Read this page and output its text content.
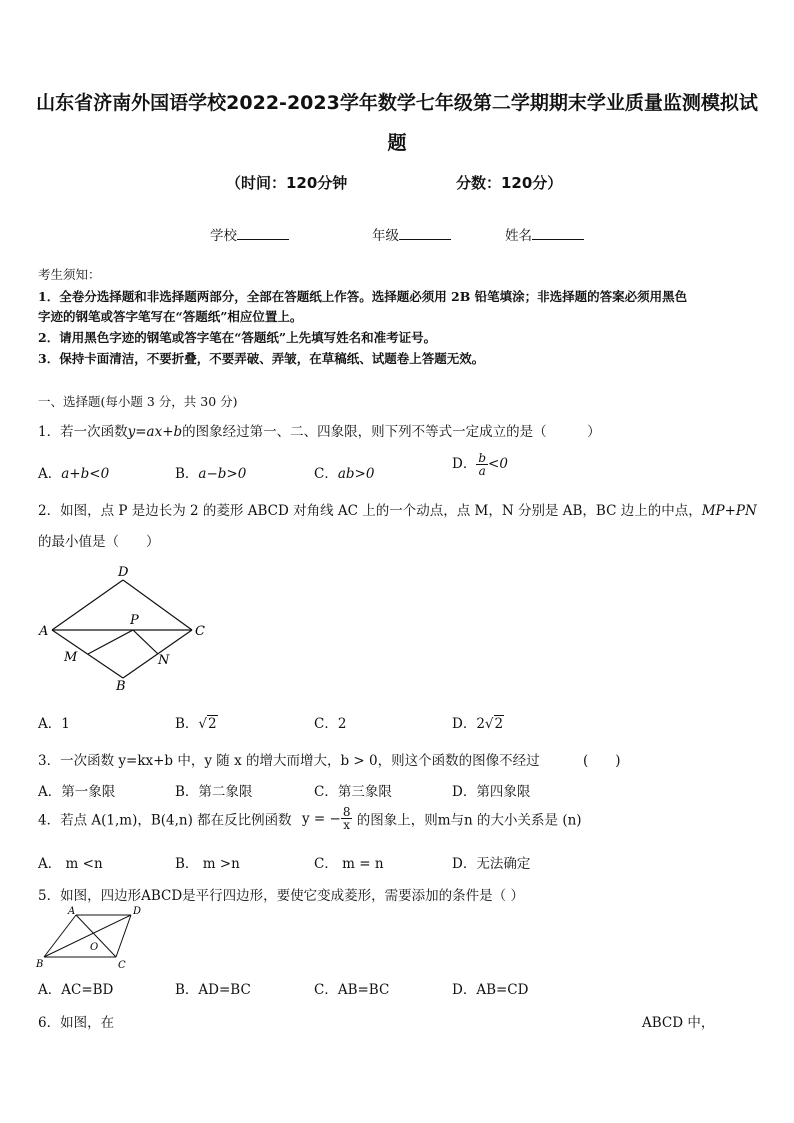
山东省济南外国语学校2022-2023学年数学七年级第二学期期末学业质量监测模拟试
题
（时间：120分钟	分数：120分）
学校	年级	姓名
考生须知：
1．全卷分选择题和非选择题两部分，全部在答题纸上作答。选择题必须用 2B 铅笔填涂；非选择题的答案必须用黑色
字迹的钢笔或答字笔写在“答题纸”相应位置上。
2．请用黑色字迹的钢笔或答字笔在“答题纸”上先填写姓名和准考证号。
3．保持卡面清洁，不要折叠，不要弄破、弄皱，在草稿纸、试题卷上答题无效。
一、选择题(每小题 3 分，共 30 分)
1．若一次函数y=ax+b的图象经过第一、二、四象限，则下列不等式一定成立的是（　　　）
A．a+b<0	B．a−b>0	C．ab>0
D． $\frac{b}{a} <0$
2．如图，点 P 是边长为 2 的菱形 ABCD 对角线 AC 上的一个动点，点 M，N 分别是 AB，BC 边上的中点，MP+PN
的最小值是（　　）
D
A
P
C
M	N
B
A．1	B．√2	C．2	D．2√2
3．一次函数 y=kx+b 中，y 随 x 的增大而增大，b > 0，则这个函数的图像不经过	(　　)
A．第一象限	B．第二象限	C．第三象限	D．第四象限
4．若点 A(1,m)，B(4,n) 都在反比例函数 y = − $\frac{8}{x}$ 的图象上，则m与n 的大小关系是 (n)
A． m <n	B． m >n	C． m = n	D．无法确定
5．如图，四边形ABCD是平行四边形，要使它变成菱形，需要添加的条件是（ ）
A	D
O
B	C
A．AC=BD	B．AD=BC	C．AB=BC	D．AB=CD
6．如图，在	ABCD 中，
